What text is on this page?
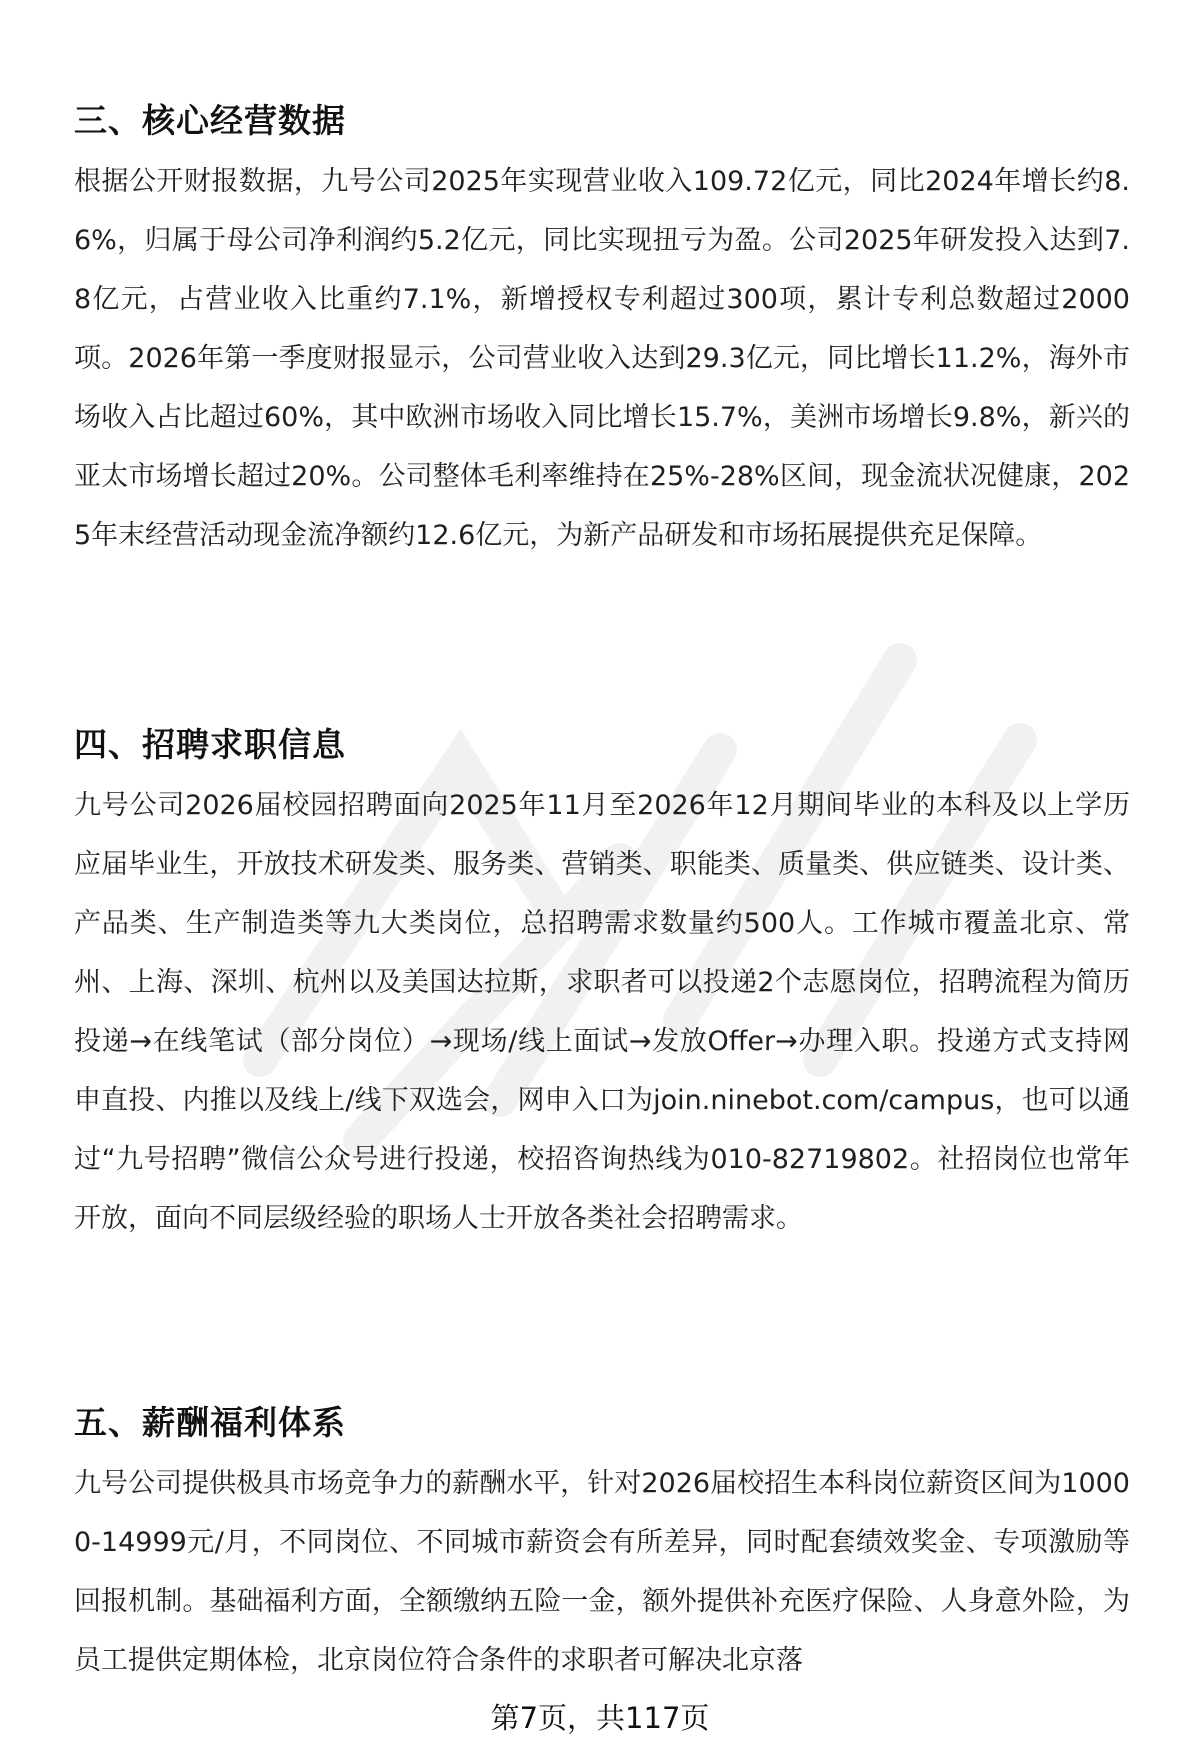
三、核心经营数据

根据公开财报数据，九号公司2025年实现营业收入109.72亿元，同比2024年增长约8.6%，归属于母公司净利润约5.2亿元，同比实现扭亏为盈。公司2025年研发投入达到7.8亿元，占营业收入比重约7.1%，新增授权专利超过300项，累计专利总数超过2000项。2026年第一季度财报显示，公司营业收入达到29.3亿元，同比增长11.2%，海外市场收入占比超过60%，其中欧洲市场收入同比增长15.7%，美洲市场增长9.8%，新兴的亚太市场增长超过20%。公司整体毛利率维持在25%-28%区间，现金流状况健康，2025年末经营活动现金流净额约12.6亿元，为新产品研发和市场拓展提供充足保障。

四、招聘求职信息

九号公司2026届校园招聘面向2025年11月至2026年12月期间毕业的本科及以上学历应届毕业生，开放技术研发类、服务类、营销类、职能类、质量类、供应链类、设计类、产品类、生产制造类等九大类岗位，总招聘需求数量约500人。工作城市覆盖北京、常州、上海、深圳、杭州以及美国达拉斯，求职者可以投递2个志愿岗位，招聘流程为简历投递→在线笔试（部分岗位）→现场/线上面试→发放Offer→办理入职。投递方式支持网申直投、内推以及线上/线下双选会，网申入口为join.ninebot.com/campus，也可以通过“九号招聘”微信公众号进行投递，校招咨询热线为010-82719802。社招岗位也常年开放，面向不同层级经验的职场人士开放各类社会招聘需求。

五、薪酬福利体系

九号公司提供极具市场竞争力的薪酬水平，针对2026届校招生本科岗位薪资区间为10000-14999元/月，不同岗位、不同城市薪资会有所差异，同时配套绩效奖金、专项激励等回报机制。基础福利方面，全额缴纳五险一金，额外提供补充医疗保险、人身意外险，为员工提供定期体检，北京岗位符合条件的求职者可解决北京落

第7页，共117页
